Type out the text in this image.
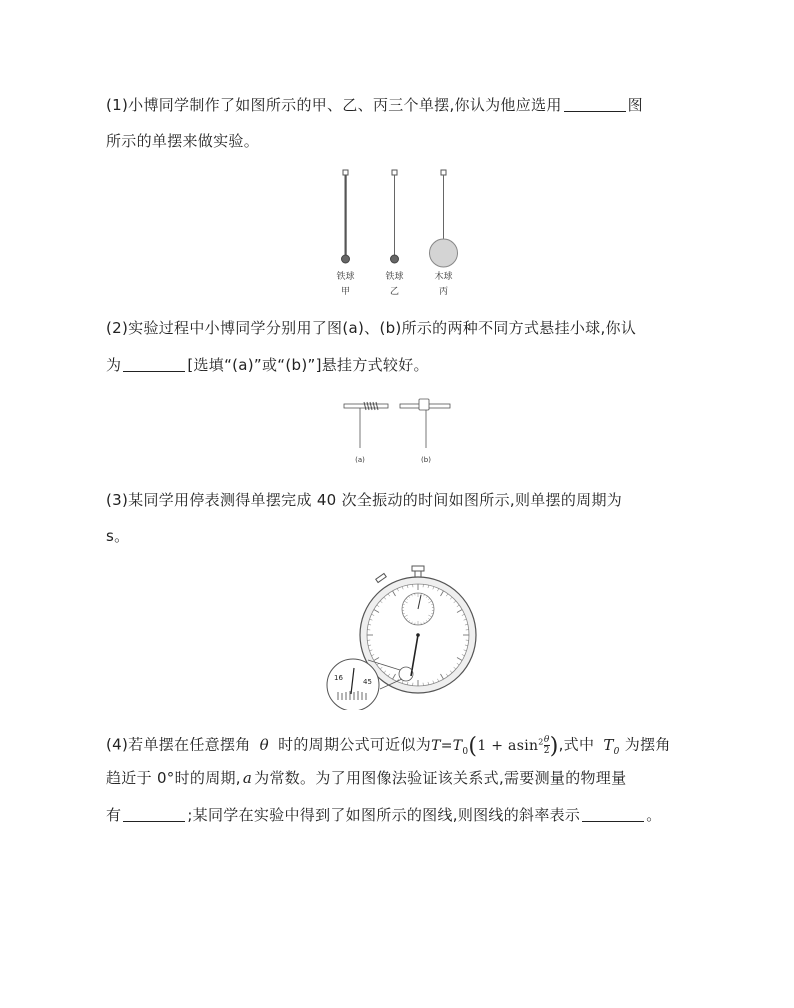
(1)小博同学制作了如图所示的甲、乙、丙三个单摆,你认为他应选用	图
所示的单摆来做实验。
铁球
甲
铁球
乙
木球
丙
(2)实验过程中小博同学分别用了图(a)、(b)所示的两种不同方式悬挂小球,你认
为	[选填“(a)”或“(b)”]悬挂方式较好。
(a)	(b)
(3)某同学用停表测得单摆完成 40 次全振动的时间如图所示,则单摆的周期为
s。
16	45
(4)若单摆在任意摆角 θ 时的周期公式可近似为$T=T_0(1 + asin^2 \frac{\theta}{2}$ ),式中 $T_0$ 为摆角
趋近于 0°时的周期, a 为常数。为了用图像法验证该关系式,需要测量的物理量
有	;某同学在实验中得到了如图所示的图线,则图线的斜率表示	。
